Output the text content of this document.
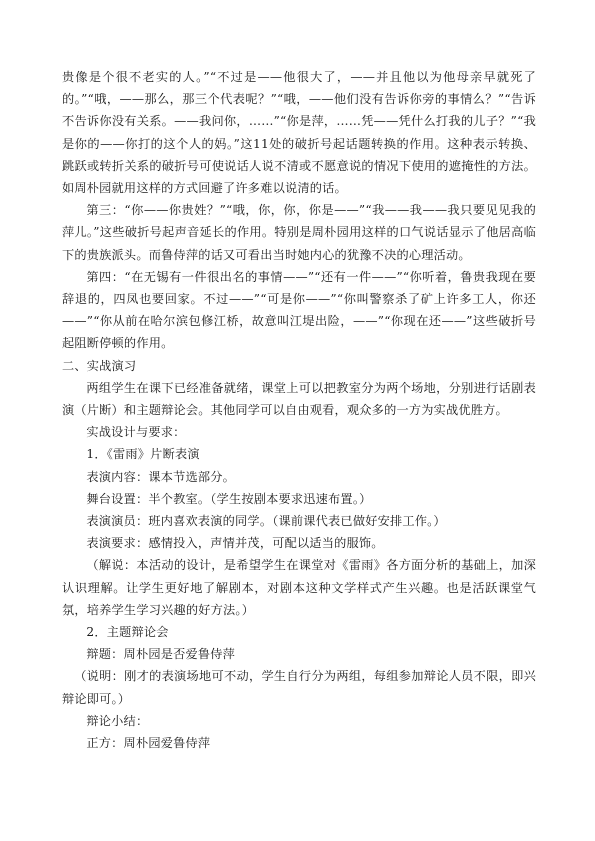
贵像是个很不老实的人。”“不过是——他很大了，——并且他以为他母亲早就死了的。”“哦，——那么，那三个代表呢？”“哦，——他们没有告诉你旁的事情么？”“告诉不告诉你没有关系。——我问你，……”“你是萍，……凭——凭什么打我的儿子？”“我是你的——你打的这个人的妈。”这11处的破折号起话题转换的作用。这种表示转换、跳跃或转折关系的破折号可使说话人说不清或不愿意说的情况下使用的遮掩性的方法。如周朴园就用这样的方式回避了许多难以说清的话。

第三：“你——你贵姓？”“哦，你，你，你是——”“我——我——我只要见见我的萍儿。”这些破折号起声音延长的作用。特别是周朴园用这样的口气说话显示了他居高临下的贵族派头。而鲁侍萍的话又可看出当时她内心的犹豫不决的心理活动。

第四：“在无锡有一件很出名的事情——”“还有一件——”“你听着，鲁贵我现在要辞退的，四凤也要回家。不过——”“可是你——”“你叫警察杀了矿上许多工人，你还——”“你从前在哈尔滨包修江桥，故意叫江堤出险，——”“你现在还——”这些破折号起阻断停顿的作用。

二、实战演习

两组学生在课下已经准备就绪，课堂上可以把教室分为两个场地，分别进行话剧表演（片断）和主题辩论会。其他同学可以自由观看，观众多的一方为实战优胜方。

实战设计与要求：

1．《雷雨》片断表演

表演内容：课本节选部分。

舞台设置：半个教室。（学生按剧本要求迅速布置。）

表演演员：班内喜欢表演的同学。（课前课代表已做好安排工作。）

表演要求：感情投入，声情并茂，可配以适当的服饰。

（解说：本活动的设计，是希望学生在课堂对《雷雨》各方面分析的基础上，加深认识理解。让学生更好地了解剧本，对剧本这种文学样式产生兴趣。也是活跃课堂气氛，培养学生学习兴趣的好方法。）

2．主题辩论会

辩题：周朴园是否爱鲁侍萍

（说明：刚才的表演场地可不动，学生自行分为两组，每组参加辩论人员不限，即兴辩论即可。）

辩论小结：

正方：周朴园爱鲁侍萍
